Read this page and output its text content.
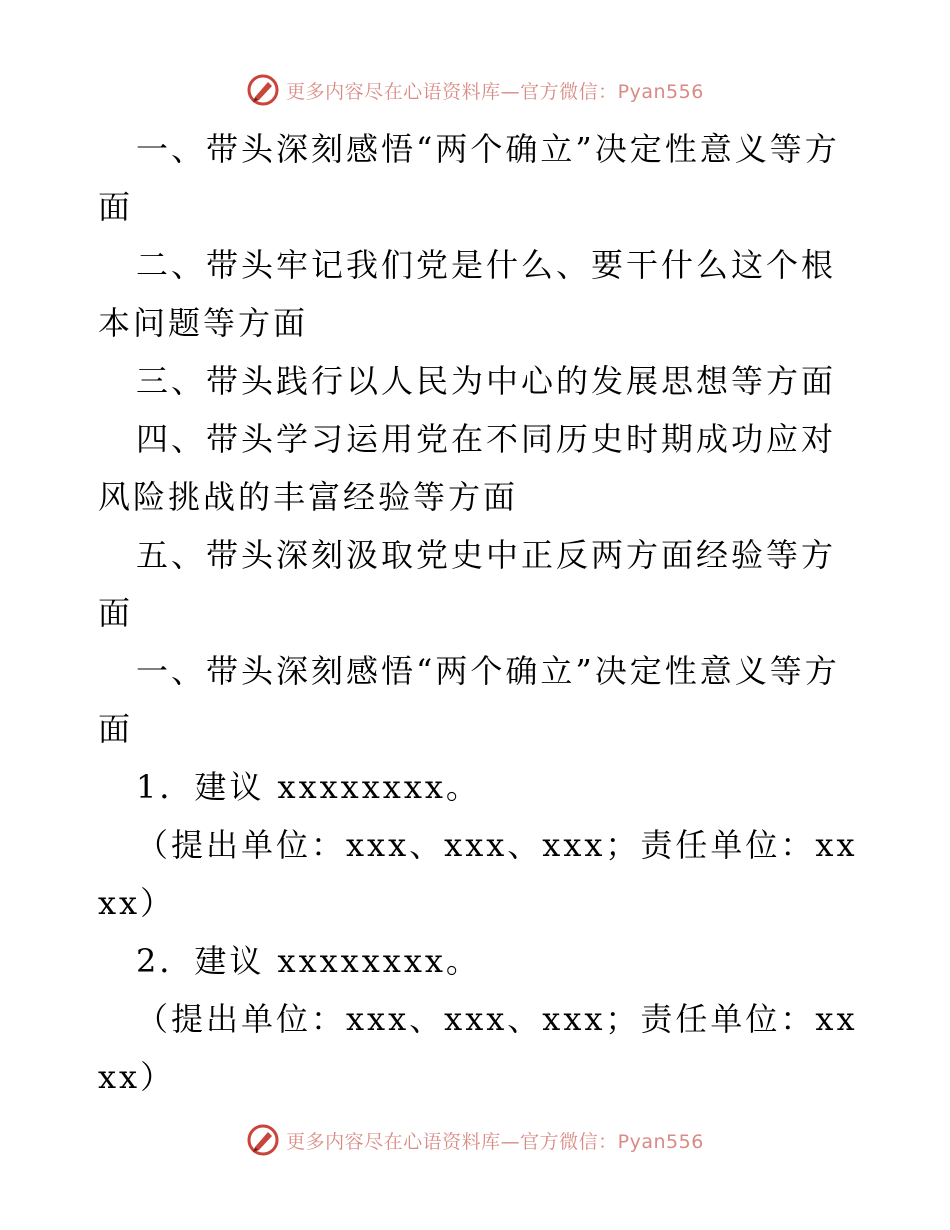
更多内容尽在心语资料库—官方微信：Pyan556

一、带头深刻感悟“两个确立”决定性意义等方面

二、带头牢记我们党是什么、要干什么这个根本问题等方面

三、带头践行以人民为中心的发展思想等方面

四、带头学习运用党在不同历史时期成功应对风险挑战的丰富经验等方面

五、带头深刻汲取党史中正反两方面经验等方面

一、带头深刻感悟“两个确立”决定性意义等方面

1．建议 xxxxxxxx。

（提出单位：xxx、xxx、xxx；责任单位：xxxx）

2．建议 xxxxxxxx。

（提出单位：xxx、xxx、xxx；责任单位：xxxx）

更多内容尽在心语资料库—官方微信：Pyan556
